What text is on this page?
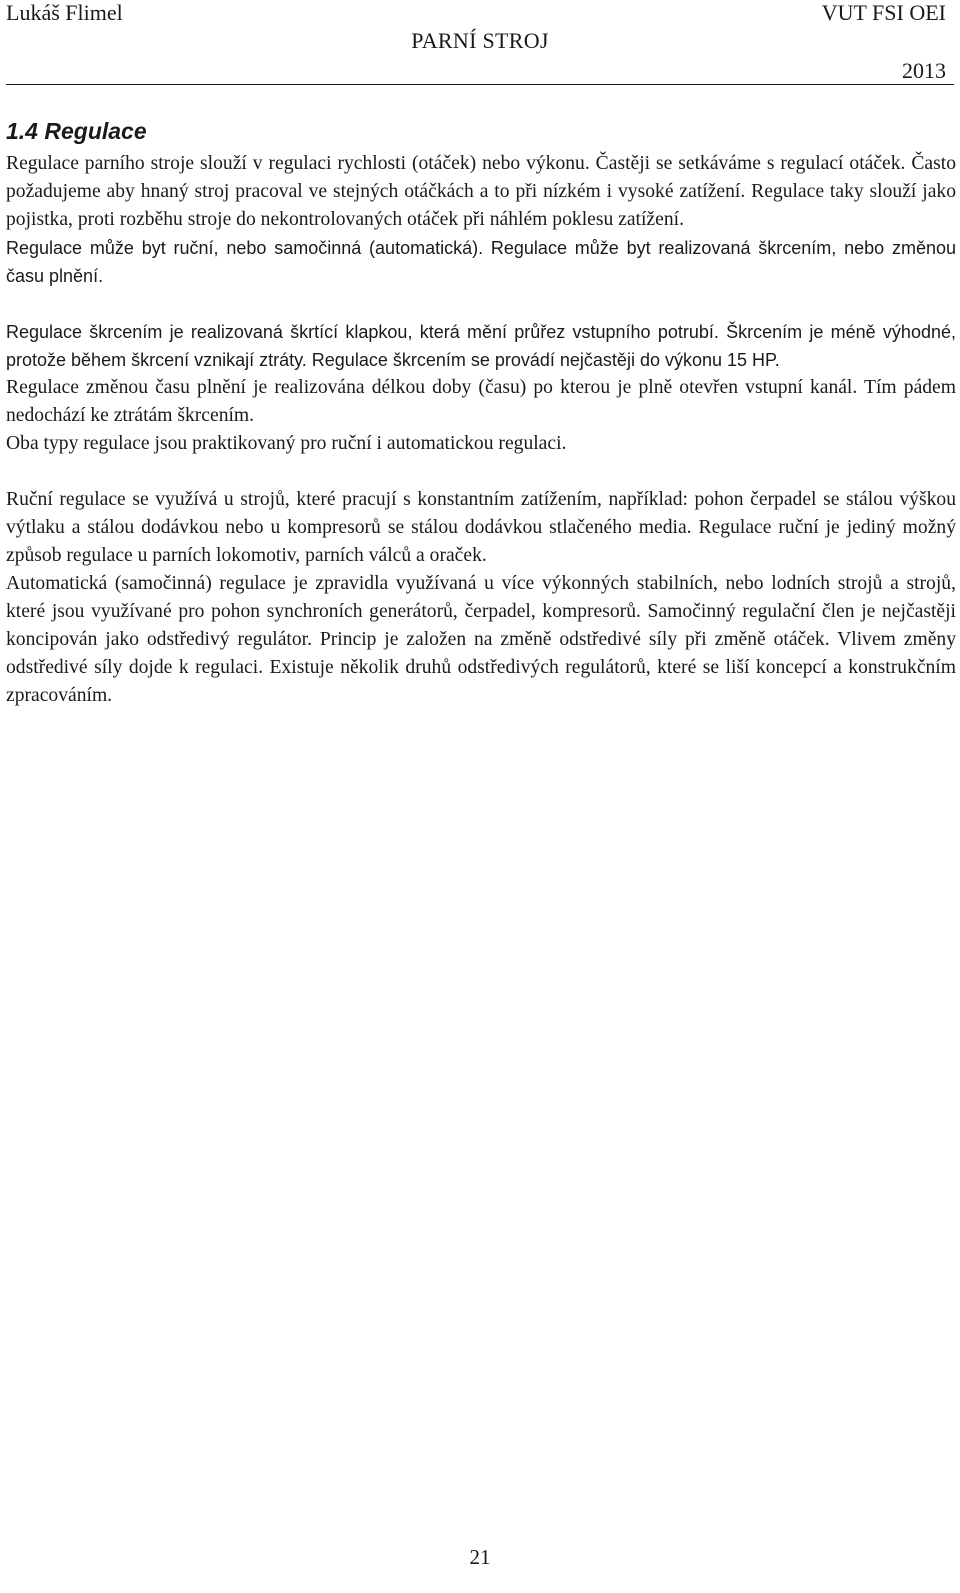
Lukáš Flimel	VUT FSI OEI
PARNÍ STROJ
2013
1.4 Regulace

Regulace parního stroje slouží v regulaci rychlosti (otáček) nebo výkonu. Častěji se setkáváme s regulací otáček. Často požadujeme aby hnaný stroj pracoval ve stejných otáčkách a to při nízkém i vysoké zatížení. Regulace taky slouží jako pojistka, proti rozběhu stroje do nekontrolovaných otáček při náhlém poklesu zatížení.

Regulace může byt ruční, nebo samočinná (automatická). Regulace může byt realizovaná škrcením, nebo změnou času plnění.

Regulace škrcením je realizovaná škrtící klapkou, která mění průřez vstupního potrubí. Škrcením je méně výhodné, protože během škrcení vznikají ztráty. Regulace škrcením se provádí nejčastěji do výkonu 15 HP.

Regulace změnou času plnění je realizována délkou doby (času) po kterou je plně otevřen vstupní kanál. Tím pádem nedochází ke ztrátám škrcením.

Oba typy regulace jsou praktikovaný pro ruční i automatickou regulaci.

Ruční regulace se využívá u strojů, které pracují s konstantním zatížením, například: pohon čerpadel se stálou výškou výtlaku a stálou dodávkou nebo u kompresorů se stálou dodávkou stlačeného media. Regulace ruční je jediný možný způsob regulace u parních lokomotiv, parních válců a oraček.

Automatická (samočinná) regulace je zpravidla využívaná u více výkonných stabilních, nebo lodních strojů a strojů, které jsou využívané pro pohon synchroních generátorů, čerpadel, kompresorů. Samočinný regulační člen je nejčastěji koncipován jako odstředivý regulátor. Princip je založen na změně odstředivé síly při změně otáček. Vlivem změny odstředivé síly dojde k regulaci. Existuje několik druhů odstředivých regulátorů, které se liší koncepcí a konstrukčním zpracováním.

21
